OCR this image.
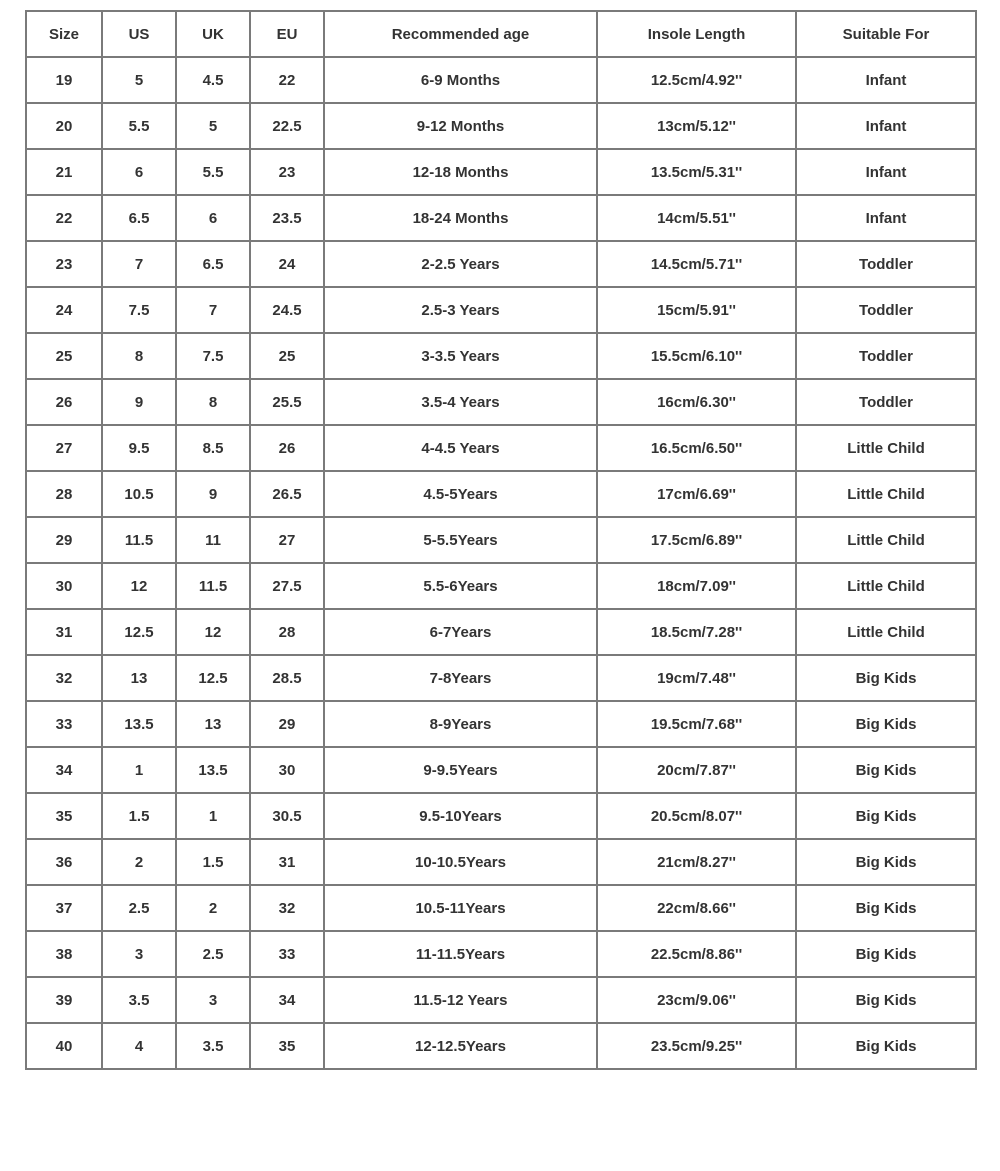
Size	US	UK	EU	Recommended age	Insole Length	Suitable For
19	5	4.5	22	6-9 Months	12.5cm/4.92''	Infant
20	5.5	5	22.5	9-12 Months	13cm/5.12''	Infant
21	6	5.5	23	12-18 Months	13.5cm/5.31''	Infant
22	6.5	6	23.5	18-24 Months	14cm/5.51''	Infant
23	7	6.5	24	2-2.5 Years	14.5cm/5.71''	Toddler
24	7.5	7	24.5	2.5-3 Years	15cm/5.91''	Toddler
25	8	7.5	25	3-3.5 Years	15.5cm/6.10''	Toddler
26	9	8	25.5	3.5-4 Years	16cm/6.30''	Toddler
27	9.5	8.5	26	4-4.5 Years	16.5cm/6.50''	Little Child
28	10.5	9	26.5	4.5-5Years	17cm/6.69''	Little Child
29	11.5	11	27	5-5.5Years	17.5cm/6.89''	Little Child
30	12	11.5	27.5	5.5-6Years	18cm/7.09''	Little Child
31	12.5	12	28	6-7Years	18.5cm/7.28''	Little Child
32	13	12.5	28.5	7-8Years	19cm/7.48''	Big Kids
33	13.5	13	29	8-9Years	19.5cm/7.68''	Big Kids
34	1	13.5	30	9-9.5Years	20cm/7.87''	Big Kids
35	1.5	1	30.5	9.5-10Years	20.5cm/8.07''	Big Kids
36	2	1.5	31	10-10.5Years	21cm/8.27''	Big Kids
37	2.5	2	32	10.5-11Years	22cm/8.66''	Big Kids
38	3	2.5	33	11-11.5Years	22.5cm/8.86''	Big Kids
39	3.5	3	34	11.5-12 Years	23cm/9.06''	Big Kids
40	4	3.5	35	12-12.5Years	23.5cm/9.25''	Big Kids
